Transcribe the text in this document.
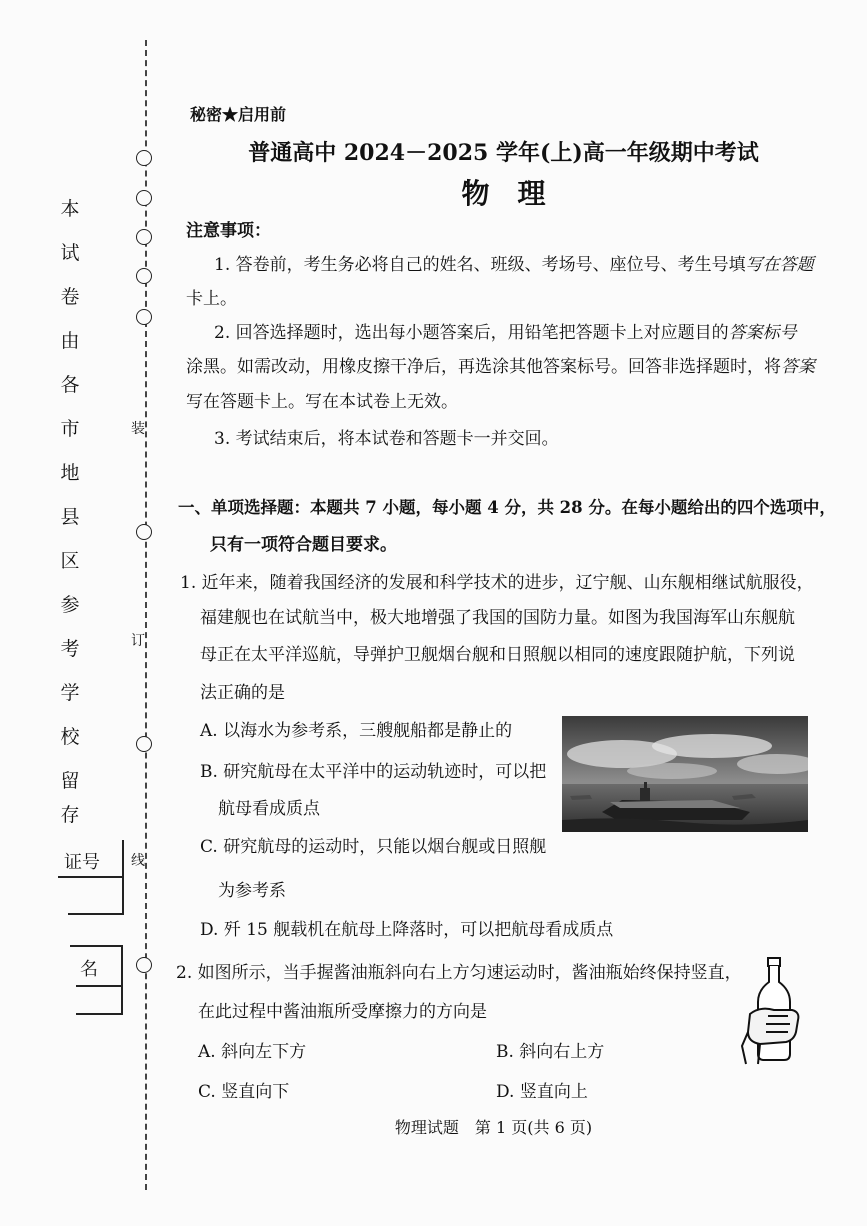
本
试
卷
由
各
市
地
县
区
参
考
学
校
留
存
装
订
线
证号
名
秘密★启用前
普通高中 2024－2025 学年(上)高一年级期中考试
物　理
注意事项：
1. 答卷前，考生务必将自己的姓名、班级、考场号、座位号、考生号填写在答题
卡上。
2. 回答选择题时，选出每小题答案后，用铅笔把答题卡上对应题目的答案标号
涂黑。如需改动，用橡皮擦干净后，再选涂其他答案标号。回答非选择题时，将答案
写在答题卡上。写在本试卷上无效。
3. 考试结束后，将本试卷和答题卡一并交回。
一、单项选择题：本题共 7 小题，每小题 4 分，共 28 分。在每小题给出的四个选项中，
只有一项符合题目要求。
1. 近年来，随着我国经济的发展和科学技术的进步，辽宁舰、山东舰相继试航服役，
福建舰也在试航当中，极大地增强了我国的国防力量。如图为我国海军山东舰航
母正在太平洋巡航，导弹护卫舰烟台舰和日照舰以相同的速度跟随护航，下列说
法正确的是
A. 以海水为参考系，三艘舰船都是静止的
B. 研究航母在太平洋中的运动轨迹时，可以把
航母看成质点
C. 研究航母的运动时，只能以烟台舰或日照舰
为参考系
D. 歼 15 舰载机在航母上降落时，可以把航母看成质点
2. 如图所示，当手握酱油瓶斜向右上方匀速运动时，酱油瓶始终保持竖直，
在此过程中酱油瓶所受摩擦力的方向是
A. 斜向左下方	B. 斜向右上方
C. 竖直向下	D. 竖直向上
物理试题　第 1 页(共 6 页)
